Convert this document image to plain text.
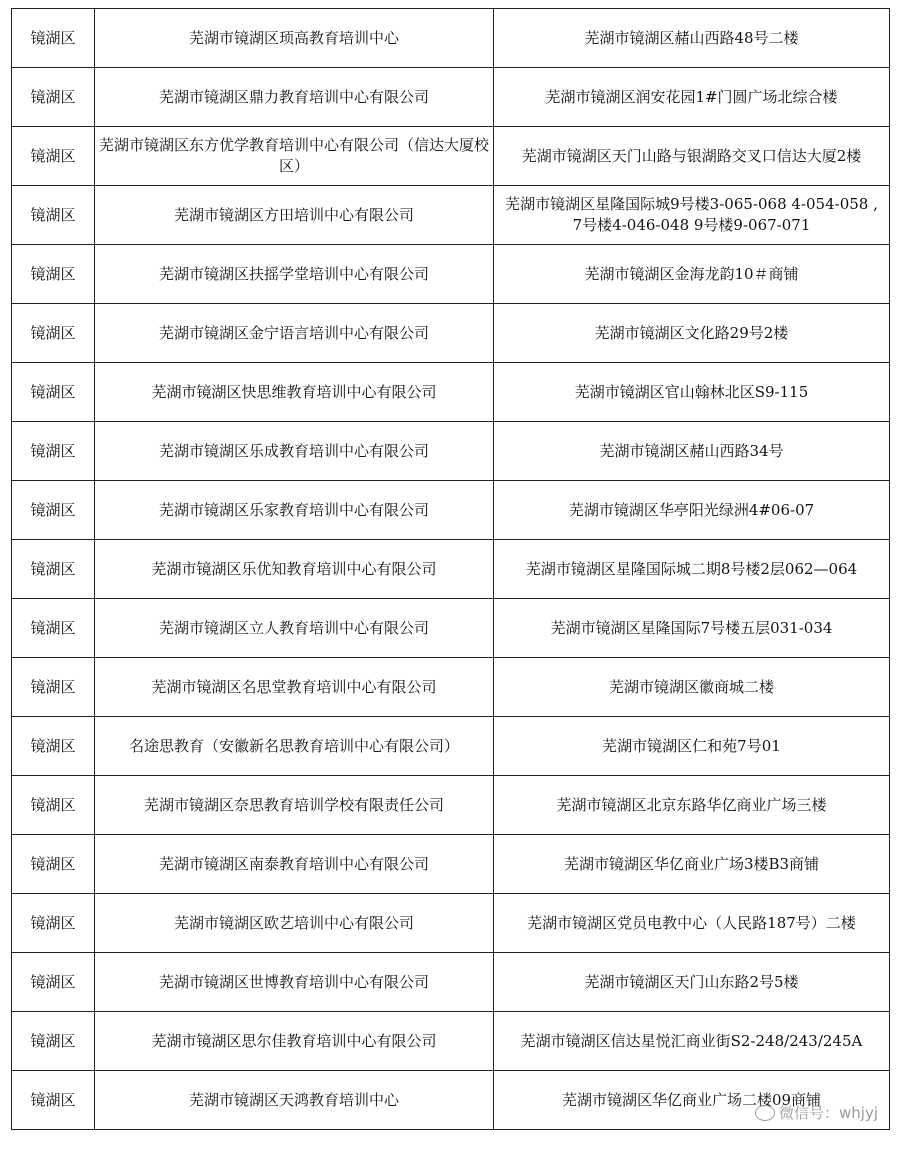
镜湖区	芜湖市镜湖区顼高教育培训中心	芜湖市镜湖区赭山西路48号二楼
镜湖区	芜湖市镜湖区鼎力教育培训中心有限公司	芜湖市镜湖区润安花园1#门圆广场北综合楼
镜湖区	芜湖市镜湖区东方优学教育培训中心有限公司（信达大厦校区）	芜湖市镜湖区天门山路与银湖路交叉口信达大厦2楼
镜湖区	芜湖市镜湖区方田培训中心有限公司	芜湖市镜湖区星隆国际城9号楼3-065-068 4-054-058 , 7号楼4-046-048 9号楼9-067-071
镜湖区	芜湖市镜湖区扶摇学堂培训中心有限公司	芜湖市镜湖区金海龙韵10＃商铺
镜湖区	芜湖市镜湖区金宁语言培训中心有限公司	芜湖市镜湖区文化路29号2楼
镜湖区	芜湖市镜湖区快思维教育培训中心有限公司	芜湖市镜湖区官山翰林北区S9-115
镜湖区	芜湖市镜湖区乐成教育培训中心有限公司	芜湖市镜湖区赭山西路34号
镜湖区	芜湖市镜湖区乐家教育培训中心有限公司	芜湖市镜湖区华亭阳光绿洲4#06-07
镜湖区	芜湖市镜湖区乐优知教育培训中心有限公司	芜湖市镜湖区星隆国际城二期8号楼2层062—064
镜湖区	芜湖市镜湖区立人教育培训中心有限公司	芜湖市镜湖区星隆国际7号楼五层031-034
镜湖区	芜湖市镜湖区名思堂教育培训中心有限公司	芜湖市镜湖区徽商城二楼
镜湖区	名途思教育（安徽新名思教育培训中心有限公司）	芜湖市镜湖区仁和苑7号01
镜湖区	芜湖市镜湖区奈思教育培训学校有限责任公司	芜湖市镜湖区北京东路华亿商业广场三楼
镜湖区	芜湖市镜湖区南泰教育培训中心有限公司	芜湖市镜湖区华亿商业广场3楼B3商铺
镜湖区	芜湖市镜湖区欧艺培训中心有限公司	芜湖市镜湖区党员电教中心（人民路187号）二楼
镜湖区	芜湖市镜湖区世博教育培训中心有限公司	芜湖市镜湖区天门山东路2号5楼
镜湖区	芜湖市镜湖区思尔佳教育培训中心有限公司	芜湖市镜湖区信达星悦汇商业街S2-248/243/245A
镜湖区	芜湖市镜湖区天鸿教育培训中心	芜湖市镜湖区华亿商业广场二楼09商铺
微信号：whjyj
